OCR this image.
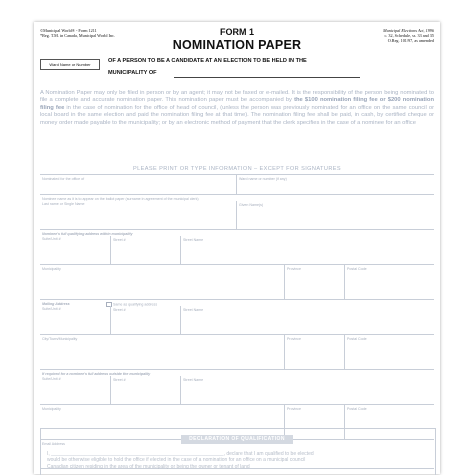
©Municipal World® - Form 1211
*Reg. T.M. in Canada, Municipal World Inc.
Municipal Elections Act, 1996
c. 32, Schedule, ss. 33 and 35
O.Reg. 101/97, as amended
FORM 1
NOMINATION PAPER
Ward Name or Number
OF A PERSON TO BE A CANDIDATE AT AN ELECTION TO BE HELD IN THE
MUNICIPALITY OF
A Nomination Paper may only be filed in person or by an agent; it may not be faxed or e-mailed. It is the responsibility of the person being nominated to file a complete and accurate nomination paper. This nomination paper must be accompanied by the $100 nomination filing fee or $200 nomination filing fee in the case of nomination for the office of head of council, (unless the person was previously nominated for an office on the same council or local board in the same election and paid the nomination filing fee at that time). The nomination filing fee shall be paid, in cash, by certified cheque or money order made payable to the municipality; or by an electronic method of payment that the clerk specifies in the case of a nominee for an office
PLEASE PRINT OR TYPE INFORMATION – EXCEPT FOR SIGNATURES
Nominated for the office of	Ward name or number (if any)
Nominee name as it is to appear on the ballot paper (surname in agreement of the municipal clerk)
Last name or Single Name	Given Name(s)
Nominee's full qualifying address within municipality
Suite/Unit #	Street #	Street Name
Municipality	Province	Postal Code
Mailing Address	Same as qualifying address
Suite/Unit #	Street #	Street Name
City/Town/Municipality	Province	Postal Code
If required for a nominee's full address outside the municipality
Suite/Unit #	Street #	Street Name
Municipality	Province	Postal Code
Email Address
DECLARATION OF QUALIFICATION
I, ______________________________________________________________, declare that I am qualified to be elected
would be otherwise eligible to hold the office if elected in the case of a nomination for an office on a municipal council
Canadian citizen residing in the area of the municipality or being the owner or tenant of land
